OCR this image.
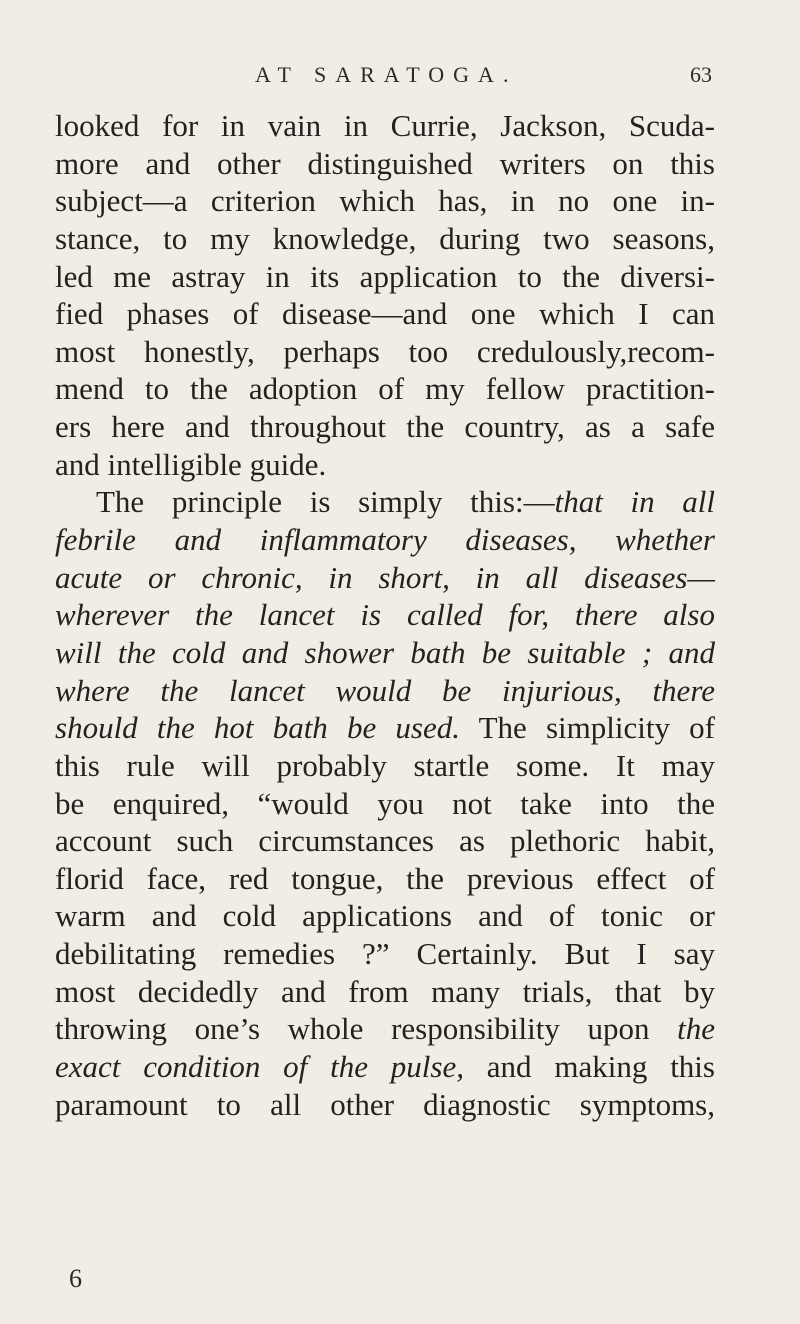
AT SARATOGA.	63
looked for in vain in Currie, Jackson, Scuda-
more and other distinguished writers on this
subject—a criterion which has, in no one in-
stance, to my knowledge, during two seasons,
led me astray in its application to the diversi-
fied phases of disease—and one which I can
most honestly, perhaps too credulously,recom-
mend to the adoption of my fellow practition-
ers here and throughout the country, as a safe
and intelligible guide.
The principle is simply this:—that in all
febrile and inflammatory diseases, whether
acute or chronic, in short, in all diseases—
wherever the lancet is called for, there also
will the cold and shower bath be suitable ; and
where the lancet would be injurious, there
should the hot bath be used. The simplicity of
this rule will probably startle some. It may
be enquired, “would you not take into the
account such circumstances as plethoric habit,
florid face, red tongue, the previous effect of
warm and cold applications and of tonic or
debilitating remedies ?” Certainly. But I say
most decidedly and from many trials, that by
throwing one’s whole responsibility upon the
exact condition of the pulse, and making this
paramount to all other diagnostic symptoms,
6
